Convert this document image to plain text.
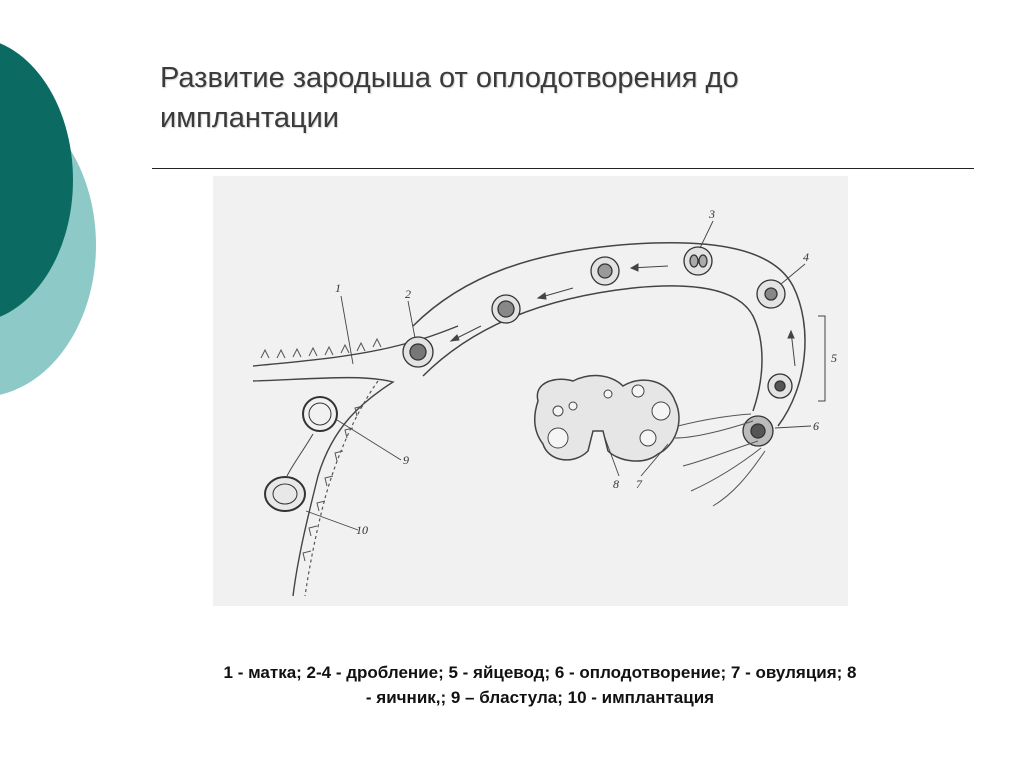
Развитие зародыша от оплодотворения до имплантации
1	2
3
4
5
6
7
8
9
10
1 - матка; 2-4 - дробление; 5 - яйцевод; 6 - оплодотворение; 7 - овуляция; 8 - яичник,; 9 – бластула; 10 - имплантация
